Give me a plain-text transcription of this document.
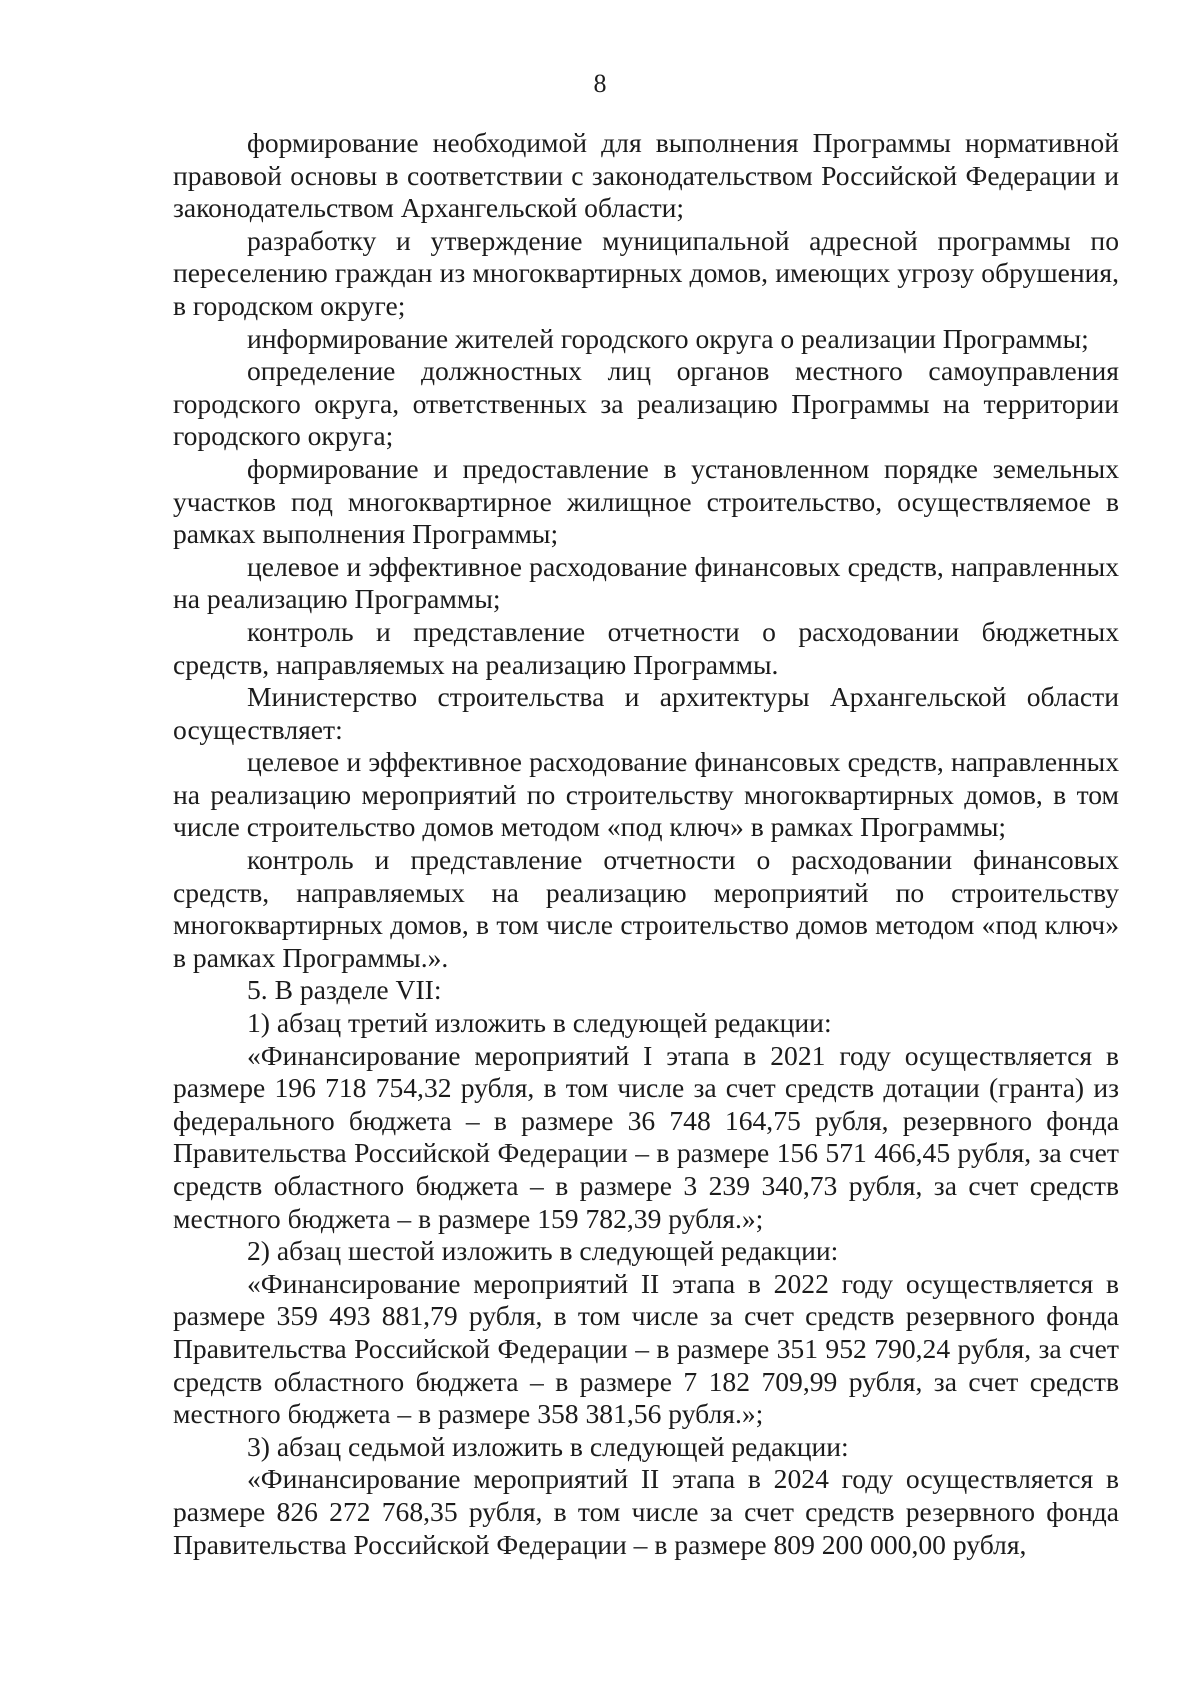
8

формирование необходимой для выполнения Программы нормативной правовой основы в соответствии с законодательством Российской Федерации и законодательством Архангельской области;

разработку и утверждение муниципальной адресной программы по переселению граждан из многоквартирных домов, имеющих угрозу обрушения, в городском округе;

информирование жителей городского округа о реализации Программы;

определение должностных лиц органов местного самоуправления городского округа, ответственных за реализацию Программы на территории городского округа;

формирование и предоставление в установленном порядке земельных участков под многоквартирное жилищное строительство, осуществляемое в рамках выполнения Программы;

целевое и эффективное расходование финансовых средств, направленных на реализацию Программы;

контроль и представление отчетности о расходовании бюджетных средств, направляемых на реализацию Программы.

Министерство строительства и архитектуры Архангельской области осуществляет:

целевое и эффективное расходование финансовых средств, направленных на реализацию мероприятий по строительству многоквартирных домов, в том числе строительство домов методом «под ключ» в рамках Программы;

контроль и представление отчетности о расходовании финансовых средств, направляемых на реализацию мероприятий по строительству многоквартирных домов, в том числе строительство домов методом «под ключ» в рамках Программы.».

5. В разделе VII:

1) абзац третий изложить в следующей редакции:

«Финансирование мероприятий I этапа в 2021 году осуществляется в размере 196 718 754,32 рубля, в том числе за счет средств дотации (гранта) из федерального бюджета – в размере 36 748 164,75 рубля, резервного фонда Правительства Российской Федерации – в размере 156 571 466,45 рубля, за счет средств областного бюджета – в размере 3 239 340,73 рубля, за счет средств местного бюджета – в размере 159 782,39 рубля.»;

2) абзац шестой изложить в следующей редакции:

«Финансирование мероприятий II этапа в 2022 году осуществляется в размере 359 493 881,79 рубля, в том числе за счет средств резервного фонда Правительства Российской Федерации – в размере 351 952 790,24 рубля, за счет средств областного бюджета – в размере 7 182 709,99 рубля, за счет средств местного бюджета – в размере 358 381,56 рубля.»;

3) абзац седьмой изложить в следующей редакции:

«Финансирование мероприятий II этапа в 2024 году осуществляется в размере 826 272 768,35 рубля, в том числе за счет средств резервного фонда Правительства Российской Федерации – в размере 809 200 000,00 рубля,
